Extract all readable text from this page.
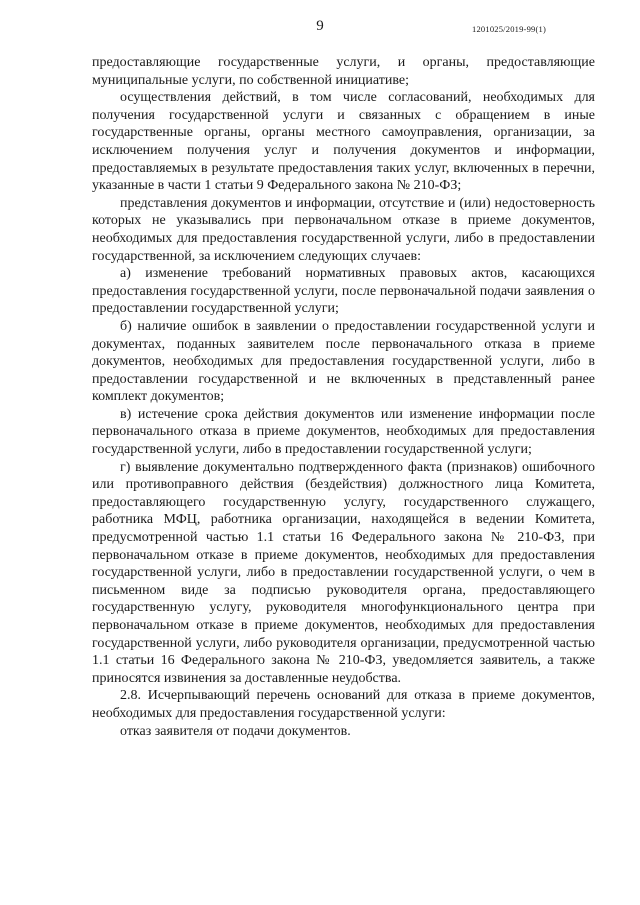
9	1201025/2019-99(1)

предоставляющие государственные услуги, и органы, предоставляющие муниципальные услуги, по собственной инициативе;

осуществления действий, в том числе согласований, необходимых для получения государственной услуги и связанных с обращением в иные государственные органы, органы местного самоуправления, организации, за исключением получения услуг и получения документов и информации, предоставляемых в результате предоставления таких услуг, включенных в перечни, указанные в части 1 статьи 9 Федерального закона № 210-ФЗ;

представления документов и информации, отсутствие и (или) недостоверность которых не указывались при первоначальном отказе в приеме документов, необходимых для предоставления государственной услуги, либо в предоставлении государственной, за исключением следующих случаев:

а) изменение требований нормативных правовых актов, касающихся предоставления государственной услуги, после первоначальной подачи заявления о предоставлении государственной услуги;

б) наличие ошибок в заявлении о предоставлении государственной услуги и документах, поданных заявителем после первоначального отказа в приеме документов, необходимых для предоставления государственной услуги, либо в предоставлении государственной и не включенных в представленный ранее комплект документов;

в) истечение срока действия документов или изменение информации после первоначального отказа в приеме документов, необходимых для предоставления государственной услуги, либо в предоставлении государственной услуги;

г) выявление документально подтвержденного факта (признаков) ошибочного или противоправного действия (бездействия) должностного лица Комитета, предоставляющего государственную услугу, государственного служащего, работника МФЦ, работника организации, находящейся в ведении Комитета, предусмотренной частью 1.1 статьи 16 Федерального закона № 210-ФЗ, при первоначальном отказе в приеме документов, необходимых для предоставления государственной услуги, либо в предоставлении государственной услуги, о чем в письменном виде за подписью руководителя органа, предоставляющего государственную услугу, руководителя многофункционального центра при первоначальном отказе в приеме документов, необходимых для предоставления государственной услуги, либо руководителя организации, предусмотренной частью 1.1 статьи 16 Федерального закона № 210-ФЗ, уведомляется заявитель, а также приносятся извинения за доставленные неудобства.

2.8. Исчерпывающий перечень оснований для отказа в приеме документов, необходимых для предоставления государственной услуги:

отказ заявителя от подачи документов.
